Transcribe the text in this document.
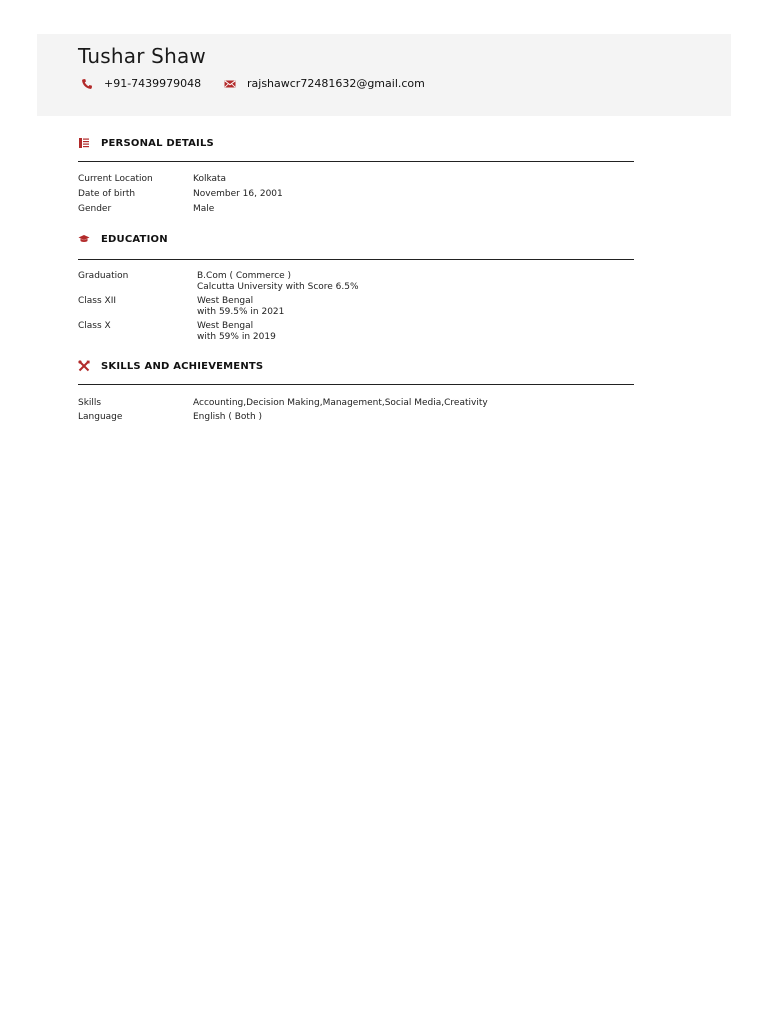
Tushar Shaw
+91-7439979048	rajshawcr72481632@gmail.com
PERSONAL DETAILS
Current Location	Kolkata
Date of birth	November 16, 2001
Gender	Male
EDUCATION
Graduation	B.Com ( Commerce )
Calcutta University with Score 6.5%
Class XII	West Bengal
with 59.5% in 2021
Class X	West Bengal
with 59% in 2019
SKILLS AND ACHIEVEMENTS
Skills	Accounting,Decision Making,Management,Social Media,Creativity
Language	English ( Both )
